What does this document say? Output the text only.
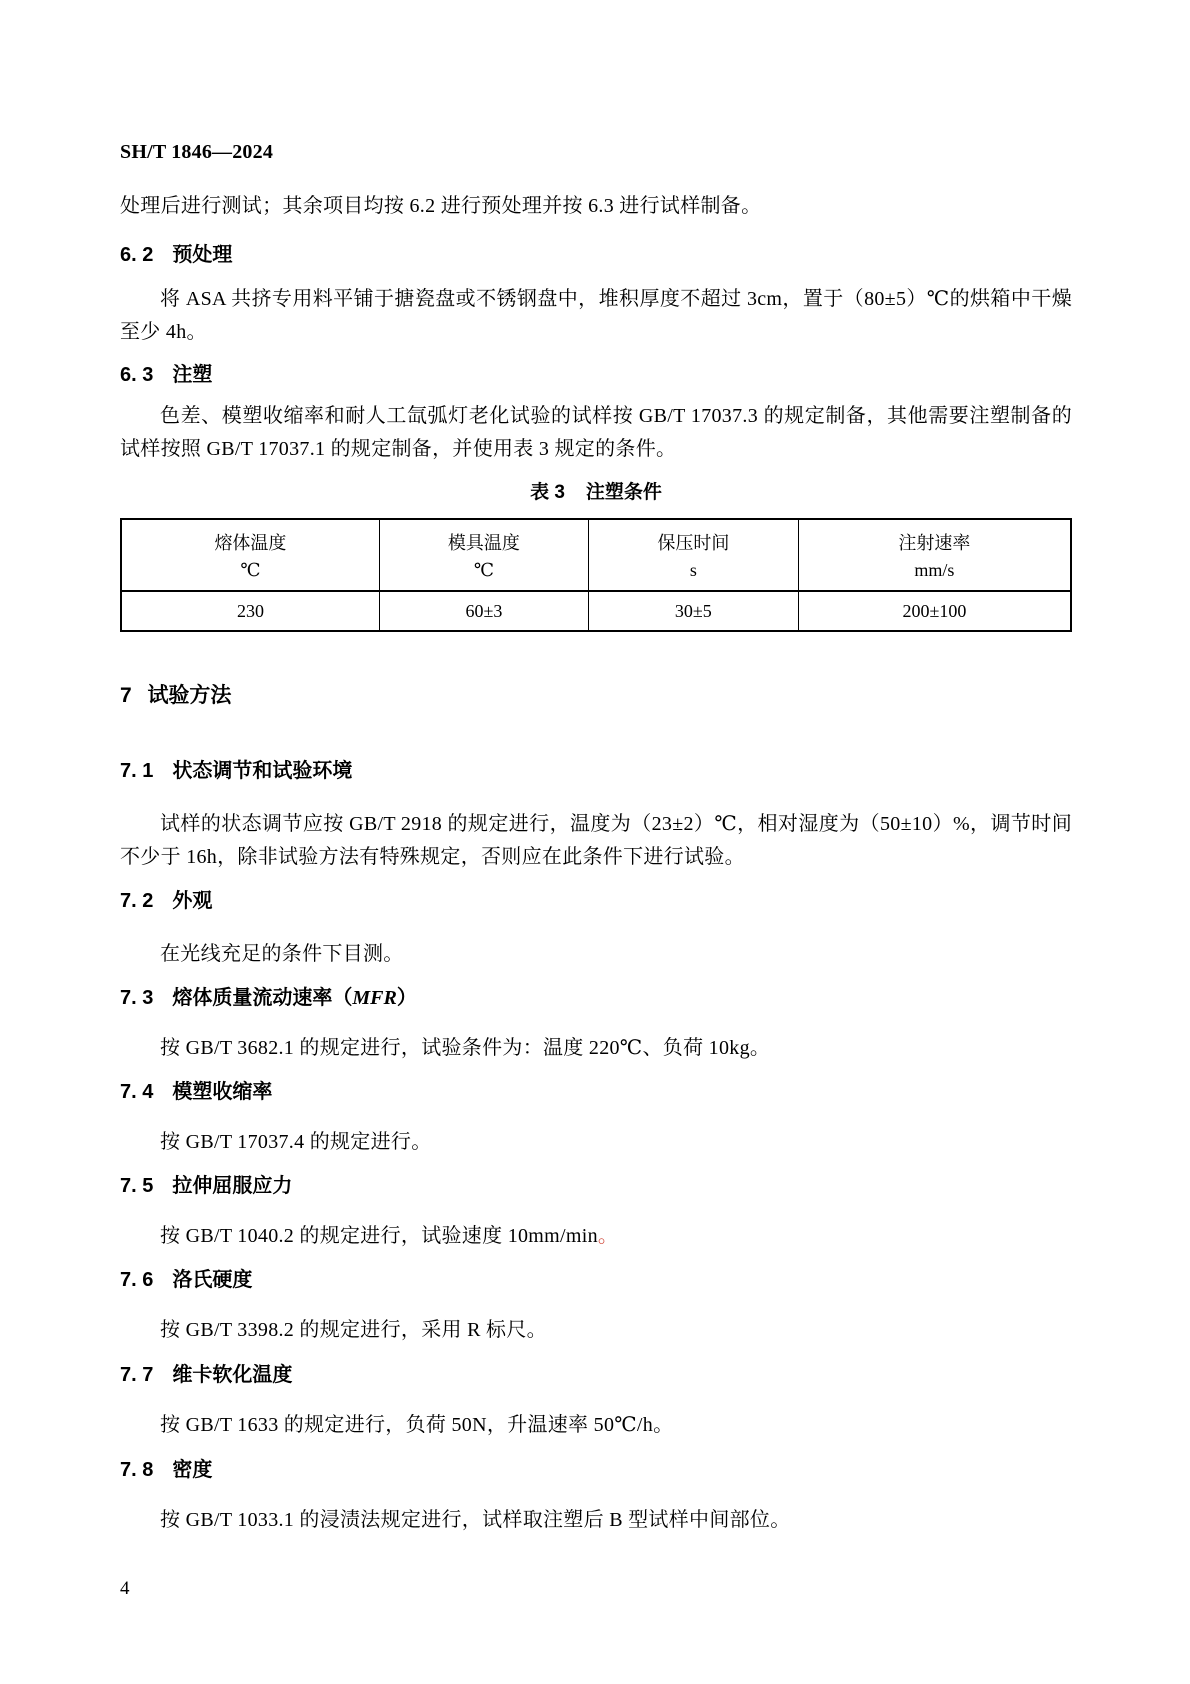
SH/T 1846—2024
处理后进行测试；其余项目均按 6.2 进行预处理并按 6.3 进行试样制备。
6. 2 预处理
将 ASA 共挤专用料平铺于搪瓷盘或不锈钢盘中，堆积厚度不超过 3cm，置于（80±5）℃的烘箱中干燥至少 4h。
6. 3 注塑
色差、模塑收缩率和耐人工氙弧灯老化试验的试样按 GB/T 17037.3 的规定制备，其他需要注塑制备的试样按照 GB/T 17037.1 的规定制备，并使用表 3 规定的条件。
表 3 注塑条件
熔体温度	模具温度	保压时间	注射速率
℃	℃	s	mm/s
230	60±3	30±5	200±100
7 试验方法
7. 1 状态调节和试验环境
试样的状态调节应按 GB/T 2918 的规定进行，温度为（23±2）℃，相对湿度为（50±10）%，调节时间不少于 16h，除非试验方法有特殊规定，否则应在此条件下进行试验。
7. 2 外观
在光线充足的条件下目测。
7. 3 熔体质量流动速率（MFR）
按 GB/T 3682.1 的规定进行，试验条件为：温度 220℃、负荷 10kg。
7. 4 模塑收缩率
按 GB/T 17037.4 的规定进行。
7. 5 拉伸屈服应力
按 GB/T 1040.2 的规定进行，试验速度 10mm/min。
7. 6 洛氏硬度
按 GB/T 3398.2 的规定进行，采用 R 标尺。
7. 7 维卡软化温度
按 GB/T 1633 的规定进行，负荷 50N，升温速率 50℃/h。
7. 8 密度
按 GB/T 1033.1 的浸渍法规定进行，试样取注塑后 B 型试样中间部位。
4
